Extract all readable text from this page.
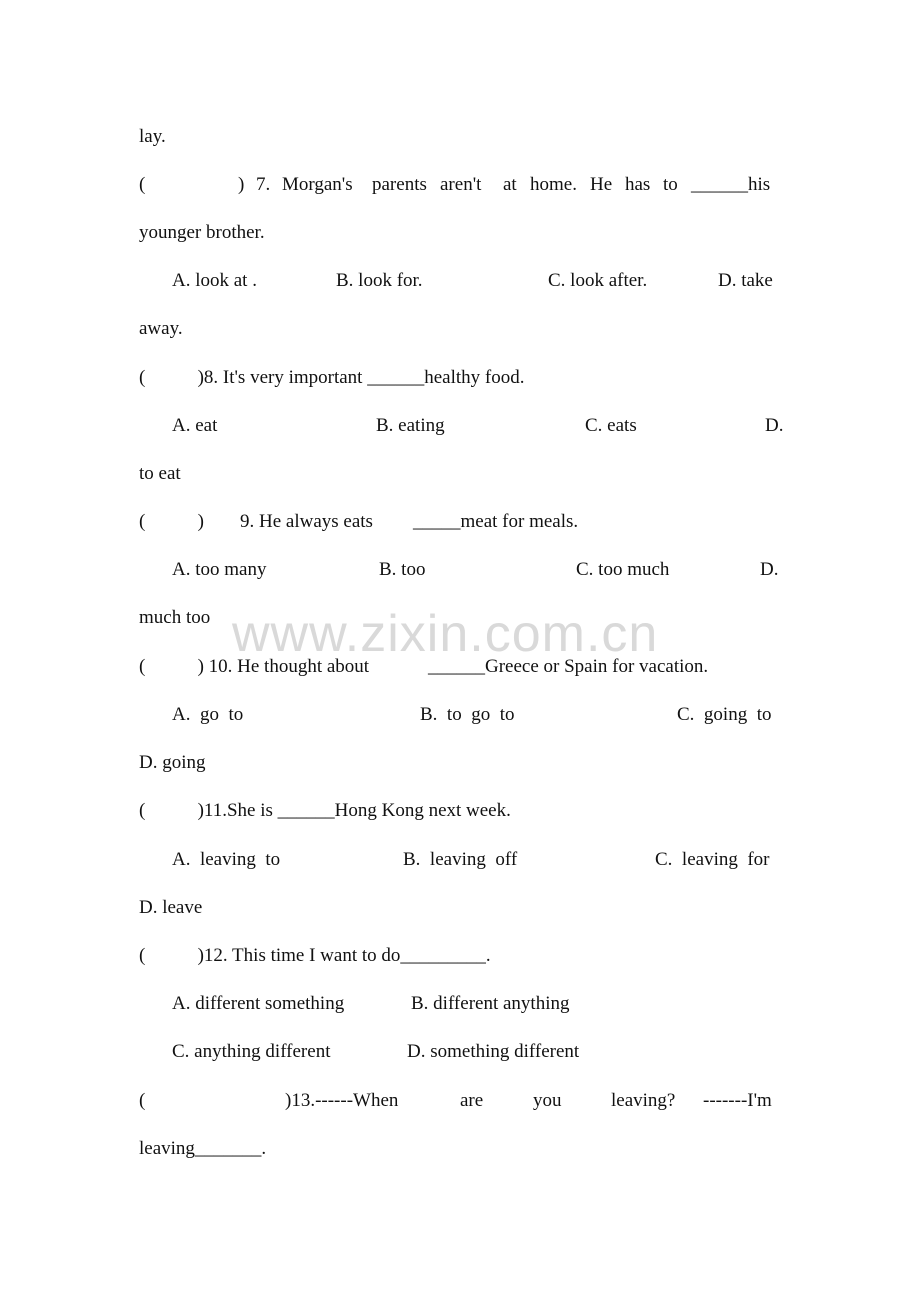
www.zixin.com.cn
lay.
(	) 7. Morgan's parents aren't at home. He has to ______his
younger brother.
A. look at .	B. look for.	C. look after.	D. take
away.
(           )8. It's very important ______healthy food.
A. eat	B. eating	C. eats	D.
to eat
(           ) 9. He always eats _____meat for meals.
A. too many	B. too	C. too much	D.
much too
(           ) 10. He thought about	______Greece or Spain for vacation.
A.  go  to	B.  to  go  to	C.  going  to
D. going
(           )11.She is ______Hong Kong next week.
A.  leaving  to	B.  leaving  off	C.  leaving  for
D. leave
(           )12. This time I want to do_________.
A. different something	B. different anything
C. anything different	D. something different
(	)13.------When	are	you	leaving? -------I'm
leaving_______.
